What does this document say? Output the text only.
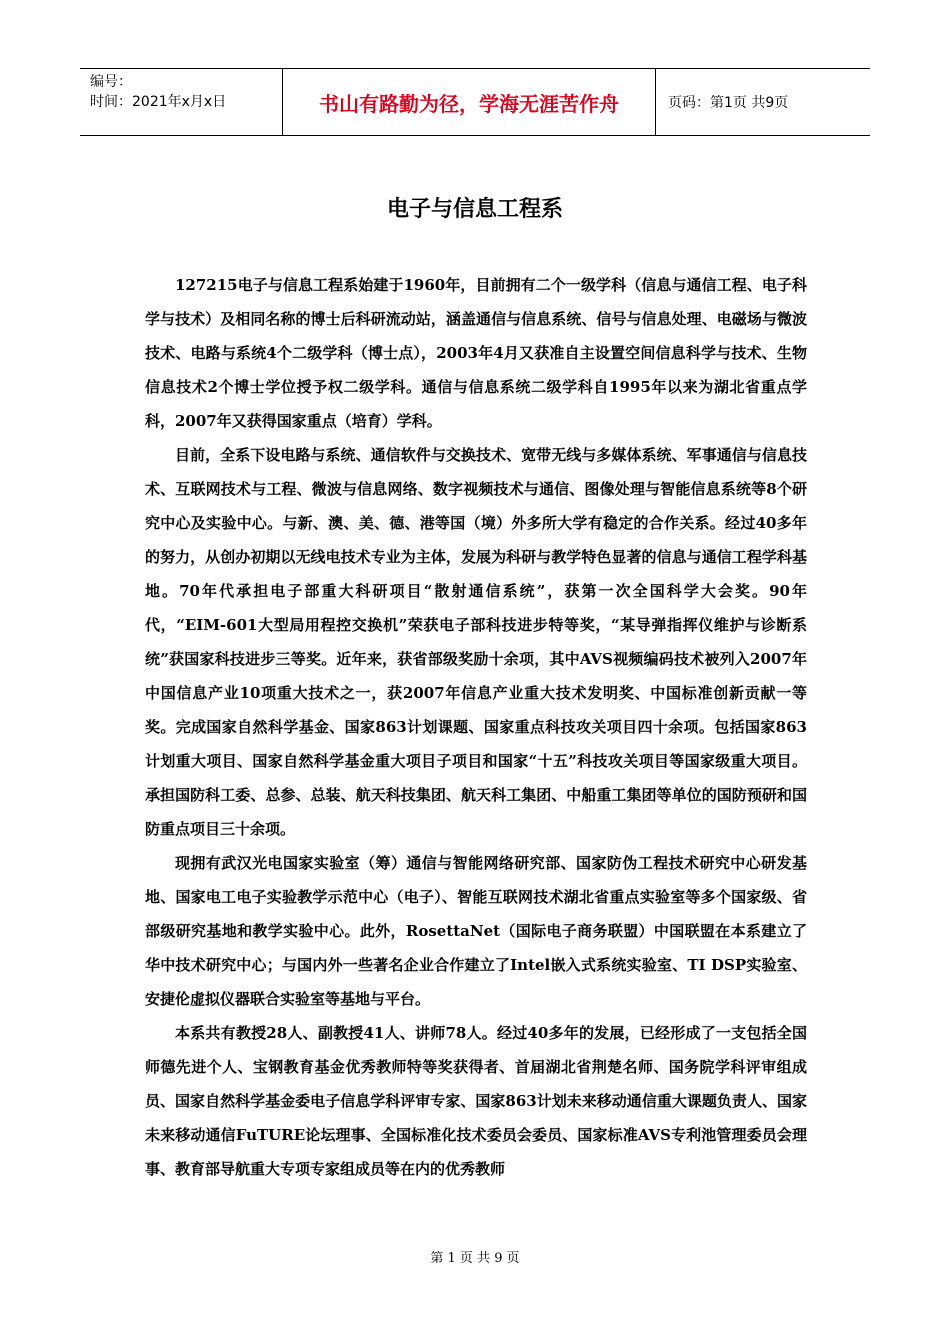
编号：
时间：2021年x月x日	书山有路勤为径，学海无涯苦作舟	页码：第1页 共9页
电子与信息工程系

127215电子与信息工程系始建于1960年，目前拥有二个一级学科（信息与通信工程、电子科学与技术）及相同名称的博士后科研流动站，涵盖通信与信息系统、信号与信息处理、电磁场与微波技术、电路与系统4个二级学科（博士点），2003年4月又获准自主设置空间信息科学与技术、生物信息技术2个博士学位授予权二级学科。通信与信息系统二级学科自1995年以来为湖北省重点学科，2007年又获得国家重点（培育）学科。

目前，全系下设电路与系统、通信软件与交换技术、宽带无线与多媒体系统、军事通信与信息技术、互联网技术与工程、微波与信息网络、数字视频技术与通信、图像处理与智能信息系统等8个研究中心及实验中心。与新、澳、美、德、港等国（境）外多所大学有稳定的合作关系。经过40多年的努力，从创办初期以无线电技术专业为主体，发展为科研与教学特色显著的信息与通信工程学科基地。70年代承担电子部重大科研项目“散射通信系统”，获第一次全国科学大会奖。90年代，“EIM-601大型局用程控交换机”荣获电子部科技进步特等奖，“某导弹指挥仪维护与诊断系统”获国家科技进步三等奖。近年来，获省部级奖励十余项，其中AVS视频编码技术被列入2007年中国信息产业10项重大技术之一，获2007年信息产业重大技术发明奖、中国标准创新贡献一等奖。完成国家自然科学基金、国家863计划课题、国家重点科技攻关项目四十余项。包括国家863计划重大项目、国家自然科学基金重大项目子项目和国家“十五”科技攻关项目等国家级重大项目。承担国防科工委、总参、总装、航天科技集团、航天科工集团、中船重工集团等单位的国防预研和国防重点项目三十余项。

现拥有武汉光电国家实验室（筹）通信与智能网络研究部、国家防伪工程技术研究中心研发基地、国家电工电子实验教学示范中心（电子）、智能互联网技术湖北省重点实验室等多个国家级、省部级研究基地和教学实验中心。此外，RosettaNet（国际电子商务联盟）中国联盟在本系建立了华中技术研究中心；与国内外一些著名企业合作建立了Intel嵌入式系统实验室、TI DSP实验室、安捷伦虚拟仪器联合实验室等基地与平台。

本系共有教授28人、副教授41人、讲师78人。经过40多年的发展，已经形成了一支包括全国师德先进个人、宝钢教育基金优秀教师特等奖获得者、首届湖北省荆楚名师、国务院学科评审组成员、国家自然科学基金委电子信息学科评审专家、国家863计划未来移动通信重大课题负责人、国家未来移动通信FuTURE论坛理事、全国标准化技术委员会委员、国家标准AVS专利池管理委员会理事、教育部导航重大专项专家组成员等在内的优秀教师

第 1 页 共 9 页
